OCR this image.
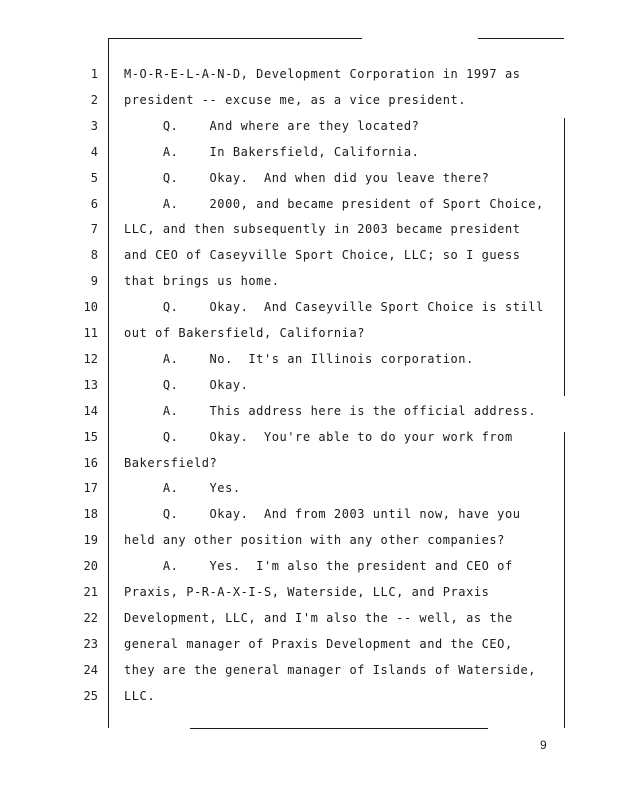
1 M-O-R-E-L-A-N-D, Development Corporation in 1997 as
2 president -- excuse me, as a vice president.
3 Q.    And where are they located?
4 A.    In Bakersfield, California.
5 Q.    Okay.  And when did you leave there?
6 A.    2000, and became president of Sport Choice,
7 LLC, and then subsequently in 2003 became president
8 and CEO of Caseyville Sport Choice, LLC; so I guess
9 that brings us home.
10 Q.    Okay.  And Caseyville Sport Choice is still
11 out of Bakersfield, California?
12 A.    No.  It's an Illinois corporation.
13 Q.    Okay.
14 A.    This address here is the official address.
15 Q.    Okay.  You're able to do your work from
16 Bakersfield?
17 A.    Yes.
18 Q.    Okay.  And from 2003 until now, have you
19 held any other position with any other companies?
20 A.    Yes.  I'm also the president and CEO of
21 Praxis, P-R-A-X-I-S, Waterside, LLC, and Praxis
22 Development, LLC, and I'm also the -- well, as the
23 general manager of Praxis Development and the CEO,
24 they are the general manager of Islands of Waterside,
25 LLC.
9
